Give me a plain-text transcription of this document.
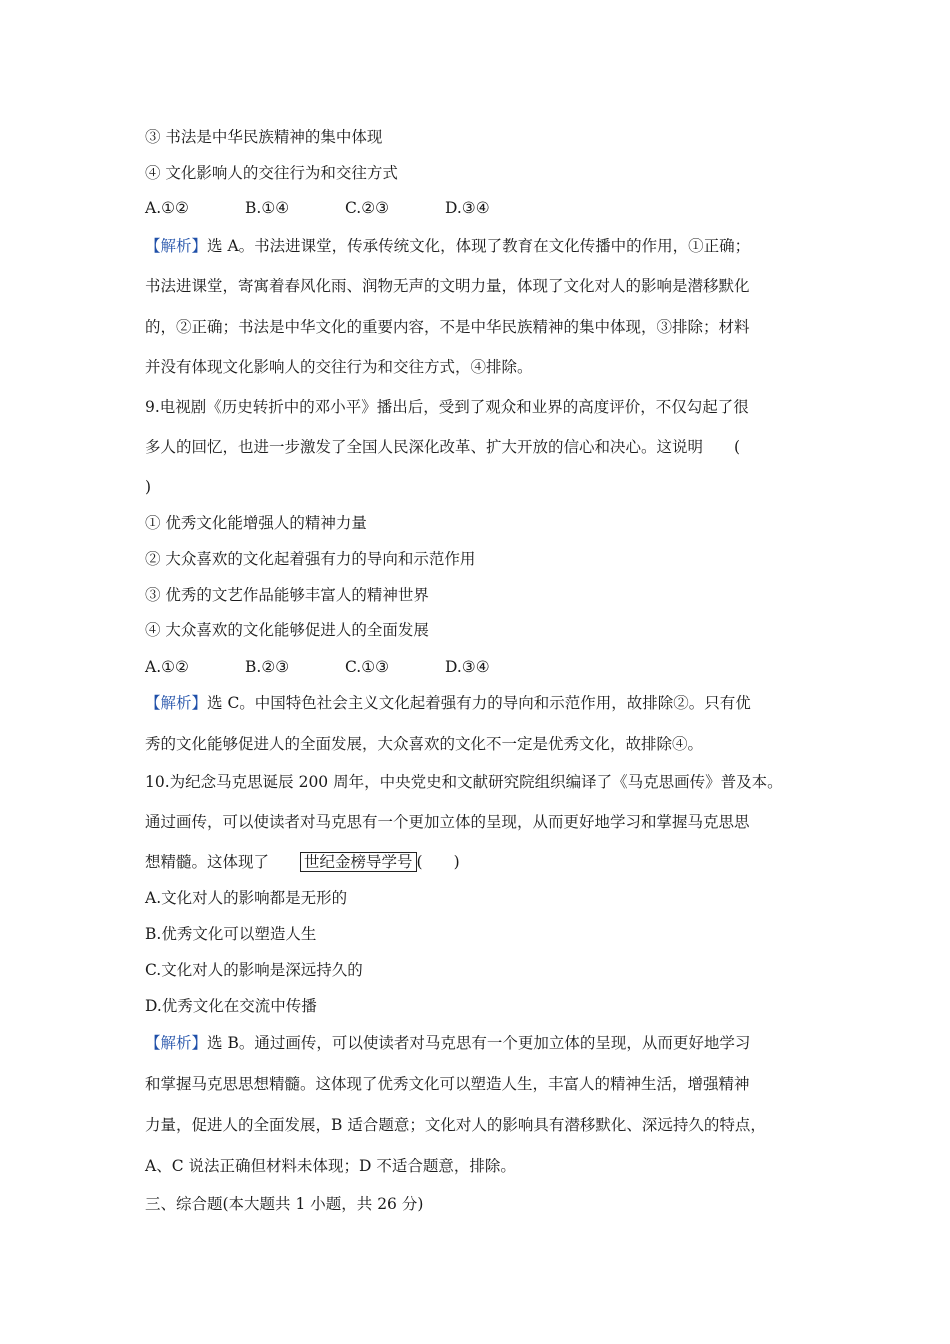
③ 书法是中华民族精神的集中体现
④ 文化影响人的交往行为和交往方式
A.①②	B.①④	C.②③	D.③④
【解析】选 A。书法进课堂，传承传统文化，体现了教育在文化传播中的作用，①正确；
书法进课堂，寄寓着春风化雨、润物无声的文明力量，体现了文化对人的影响是潜移默化
的，②正确；书法是中华文化的重要内容，不是中华民族精神的集中体现，③排除；材料
并没有体现文化影响人的交往行为和交往方式，④排除。
9.电视剧《历史转折中的邓小平》播出后，受到了观众和业界的高度评价，不仅勾起了很
多人的回忆，也进一步激发了全国人民深化改革、扩大开放的信心和决心。这说明　　(
)
① 优秀文化能增强人的精神力量
② 大众喜欢的文化起着强有力的导向和示范作用
③ 优秀的文艺作品能够丰富人的精神世界
④ 大众喜欢的文化能够促进人的全面发展
A.①②	B.②③	C.①③	D.③④
【解析】选 C。中国特色社会主义文化起着强有力的导向和示范作用，故排除②。只有优
秀的文化能够促进人的全面发展，大众喜欢的文化不一定是优秀文化，故排除④。
10.为纪念马克思诞辰 200 周年，中央党史和文献研究院组织编译了《马克思画传》普及本。
通过画传，可以使读者对马克思有一个更加立体的呈现，从而更好地学习和掌握马克思思
想精髓。这体现了　　世纪金榜导学号 (　　)
A.文化对人的影响都是无形的
B.优秀文化可以塑造人生
C.文化对人的影响是深远持久的
D.优秀文化在交流中传播
【解析】选 B。通过画传，可以使读者对马克思有一个更加立体的呈现，从而更好地学习
和掌握马克思思想精髓。这体现了优秀文化可以塑造人生，丰富人的精神生活，增强精神
力量，促进人的全面发展，B 适合题意；文化对人的影响具有潜移默化、深远持久的特点，
A、C 说法正确但材料未体现；D 不适合题意，排除。
三、综合题(本大题共 1 小题，共 26 分)
